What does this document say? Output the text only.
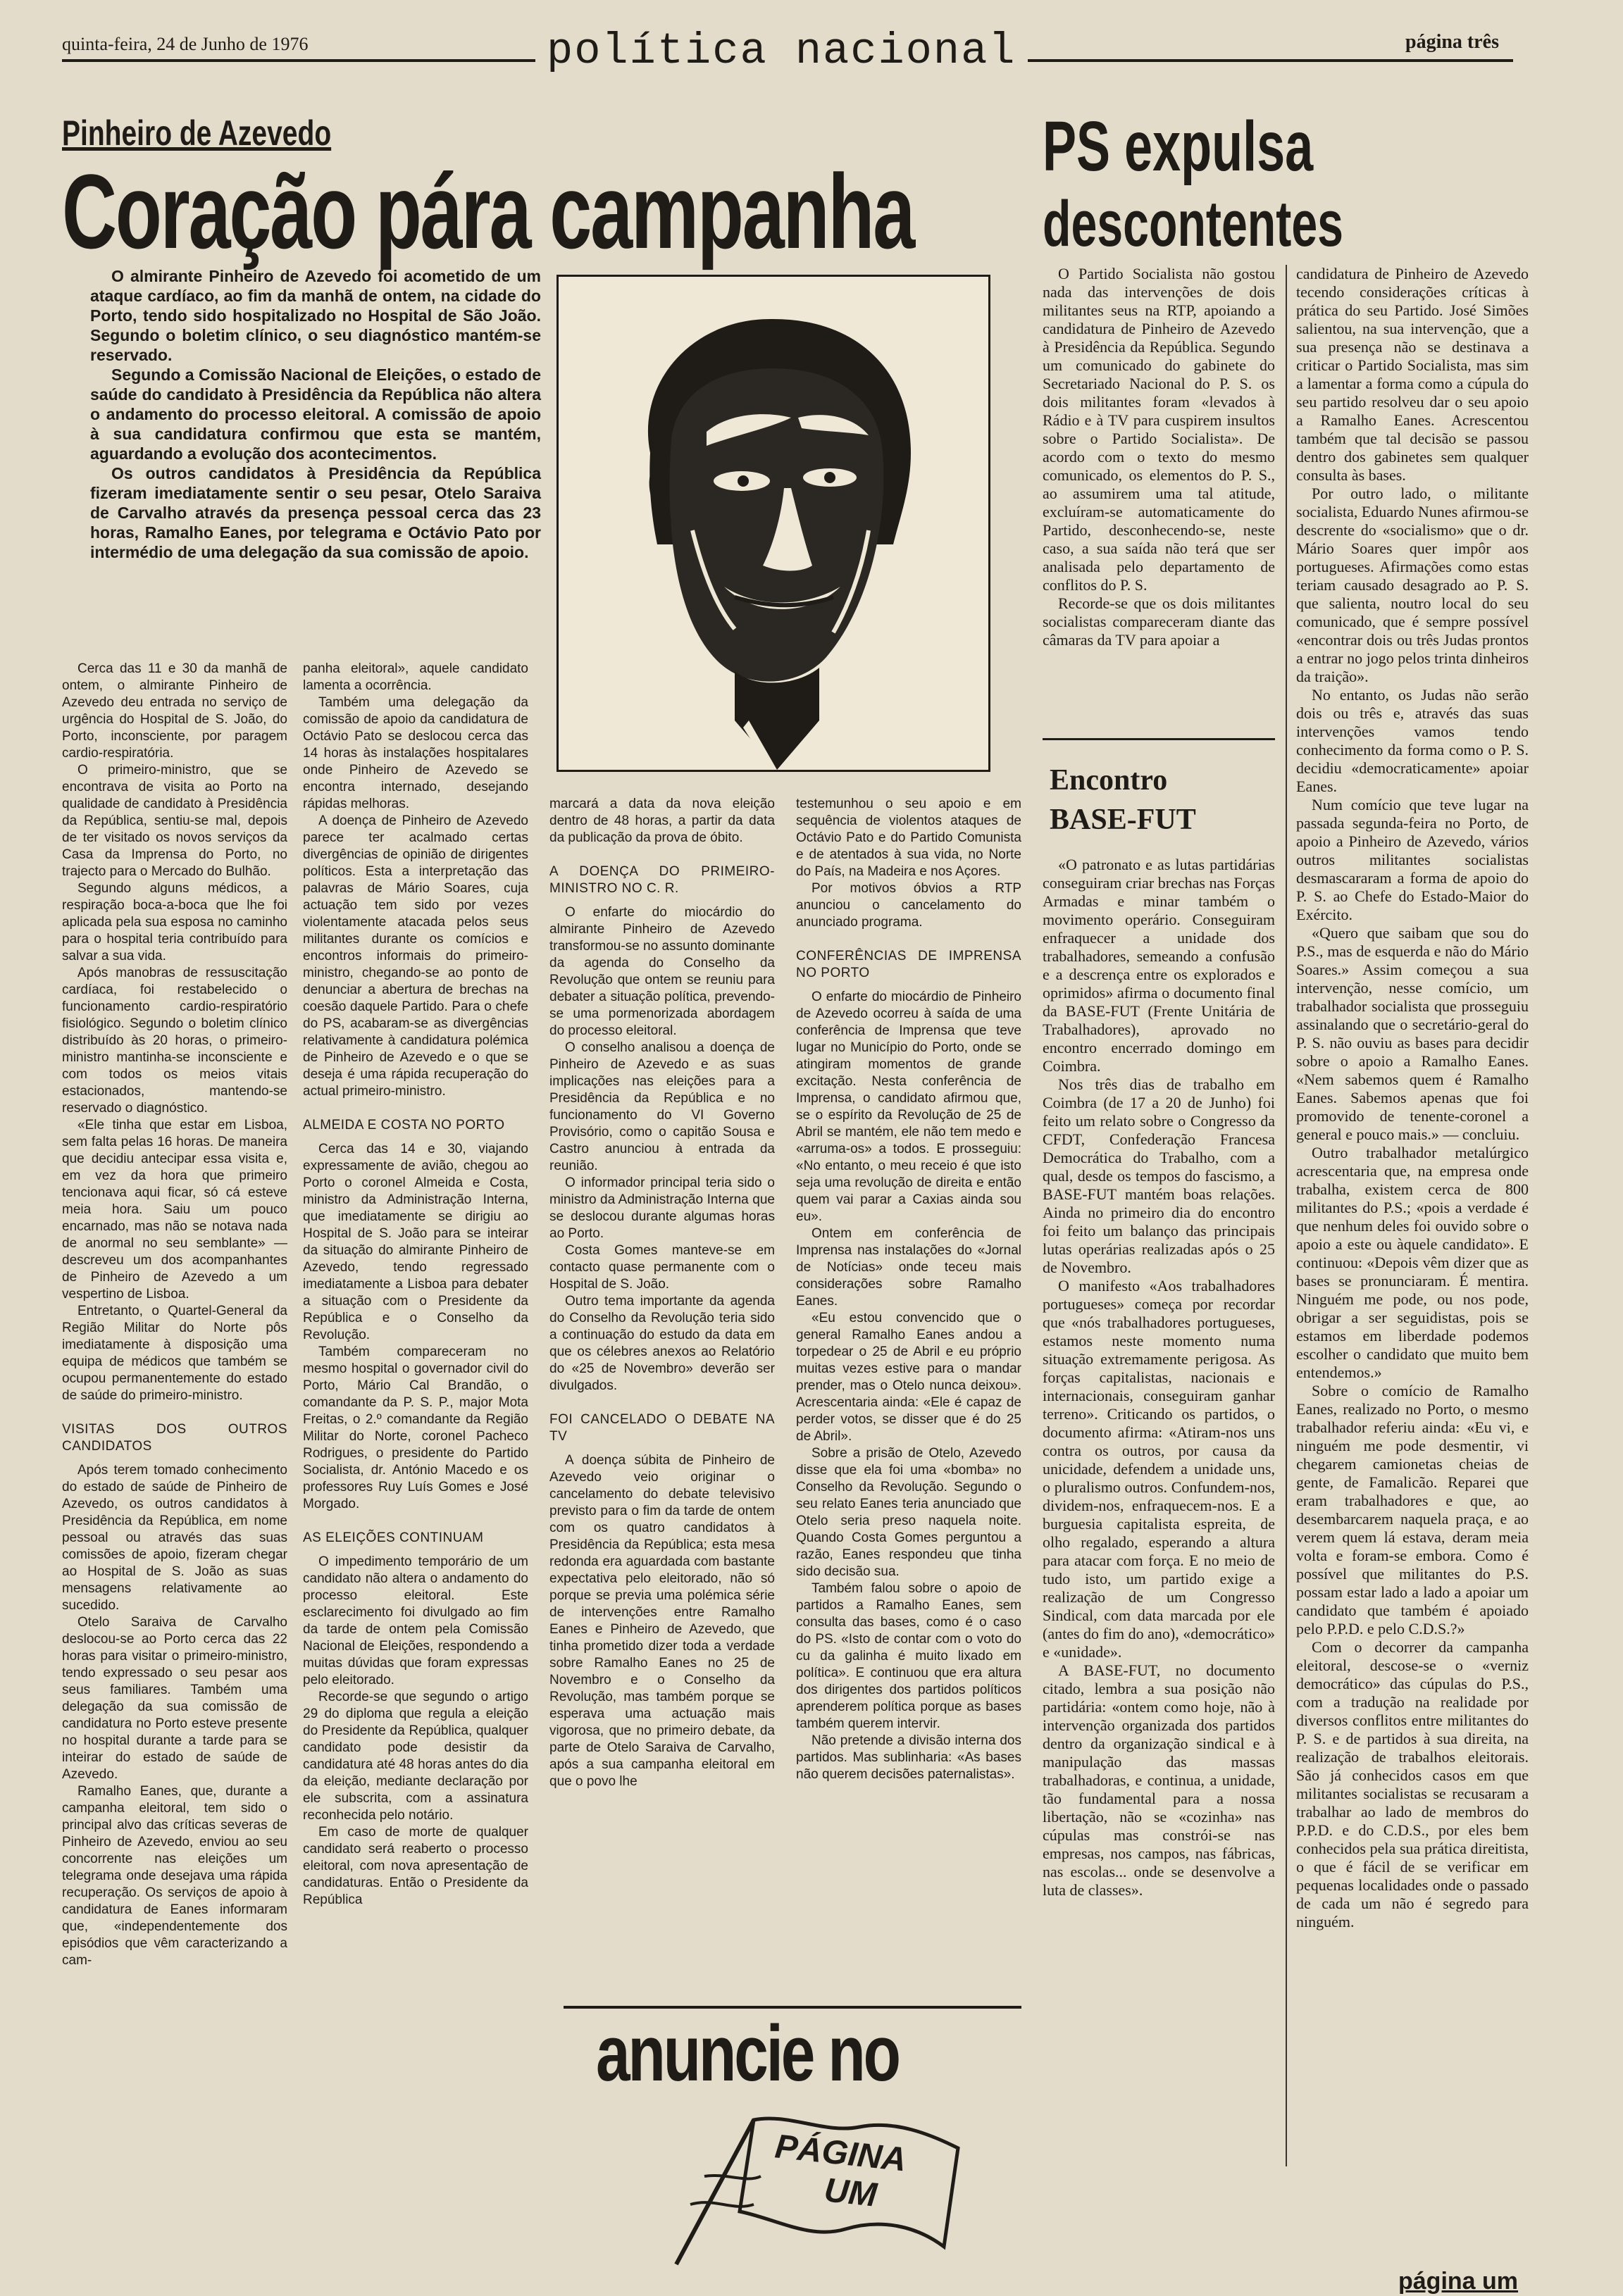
quinta-feira, 24 de Junho de 1976	política nacional	página três
Pinheiro de Azevedo
Coração pára campanha

O almirante Pinheiro de Azevedo foi acometido de um ataque cardíaco, ao fim da manhã de ontem, na cidade do Porto, tendo sido hospitalizado no Hospital de São João. Segundo o boletim clínico, o seu diagnóstico mantém-se reservado.

Segundo a Comissão Nacional de Eleições, o estado de saúde do candidato à Presidência da República não altera o andamento do processo eleitoral. A comissão de apoio à sua candidatura confirmou que esta se mantém, aguardando a evolução dos acontecimentos.

Os outros candidatos à Presidência da República fizeram imediatamente sentir o seu pesar, Otelo Saraiva de Carvalho através da presença pessoal cerca das 23 horas, Ramalho Eanes, por telegrama e Octávio Pato por intermédio de uma delegação da sua comissão de apoio.

Cerca das 11 e 30 da manhã de ontem, o almirante Pinheiro de Azevedo deu entrada no serviço de urgência do Hospital de S. João, do Porto, inconsciente, por paragem cardio-respiratória.

O primeiro-ministro, que se encontrava de visita ao Porto na qualidade de candidato à Presidência da República, sentiu-se mal, depois de ter visitado os novos serviços da Casa da Imprensa do Porto, no trajecto para o Mercado do Bulhão.

Segundo alguns médicos, a respiração boca-a-boca que lhe foi aplicada pela sua esposa no caminho para o hospital teria contribuído para salvar a sua vida.

Após manobras de ressuscitação cardíaca, foi restabelecido o funcionamento cardio-respiratório fisiológico. Segundo o boletim clínico distribuído às 20 horas, o primeiro-ministro mantinha-se inconsciente e com todos os meios vitais estacionados, mantendo-se reservado o diagnóstico.

«Ele tinha que estar em Lisboa, sem falta pelas 16 horas. De maneira que decidiu antecipar essa visita e, em vez da hora que primeiro tencionava aqui ficar, só cá esteve meia hora. Saiu um pouco encarnado, mas não se notava nada de anormal no seu semblante» — descreveu um dos acompanhantes de Pinheiro de Azevedo a um vespertino de Lisboa.

Entretanto, o Quartel-General da Região Militar do Norte pôs imediatamente à disposição uma equipa de médicos que também se ocupou permanentemente do estado de saúde do primeiro-ministro.

VISITAS DOS OUTROS CANDIDATOS

Após terem tomado conhecimento do estado de saúde de Pinheiro de Azevedo, os outros candidatos à Presidência da República, em nome pessoal ou através das suas comissões de apoio, fizeram chegar ao Hospital de S. João as suas mensagens relativamente ao sucedido.

Otelo Saraiva de Carvalho deslocou-se ao Porto cerca das 22 horas para visitar o primeiro-ministro, tendo expressado o seu pesar aos seus familiares. Também uma delegação da sua comissão de candidatura no Porto esteve presente no hospital durante a tarde para se inteirar do estado de saúde de Azevedo.

Ramalho Eanes, que, durante a campanha eleitoral, tem sido o principal alvo das críticas severas de Pinheiro de Azevedo, enviou ao seu concorrente nas eleições um telegrama onde desejava uma rápida recuperação. Os serviços de apoio à candidatura de Eanes informaram que, «independentemente dos episódios que vêm caracterizando a cam-

panha eleitoral», aquele candidato lamenta a ocorrência.

Também uma delegação da comissão de apoio da candidatura de Octávio Pato se deslocou cerca das 14 horas às instalações hospitalares onde Pinheiro de Azevedo se encontra internado, desejando rápidas melhoras.

A doença de Pinheiro de Azevedo parece ter acalmado certas divergências de opinião de dirigentes políticos. Esta a interpretação das palavras de Mário Soares, cuja actuação tem sido por vezes violentamente atacada pelos seus militantes durante os comícios e encontros informais do primeiro-ministro, chegando-se ao ponto de denunciar a abertura de brechas na coesão daquele Partido. Para o chefe do PS, acabaram-se as divergências relativamente à candidatura polémica de Pinheiro de Azevedo e o que se deseja é uma rápida recuperação do actual primeiro-ministro.

ALMEIDA E COSTA NO PORTO

Cerca das 14 e 30, viajando expressamente de avião, chegou ao Porto o coronel Almeida e Costa, ministro da Administração Interna, que imediatamente se dirigiu ao Hospital de S. João para se inteirar da situação do almirante Pinheiro de Azevedo, tendo regressado imediatamente a Lisboa para debater a situação com o Presidente da República e o Conselho da Revolução.

Também compareceram no mesmo hospital o governador civil do Porto, Mário Cal Brandão, o comandante da P. S. P., major Mota Freitas, o 2.º comandante da Região Militar do Norte, coronel Pacheco Rodrigues, o presidente do Partido Socialista, dr. António Macedo e os professores Ruy Luís Gomes e José Morgado.

AS ELEIÇÕES CONTINUAM

O impedimento temporário de um candidato não altera o andamento do processo eleitoral. Este esclarecimento foi divulgado ao fim da tarde de ontem pela Comissão Nacional de Eleições, respondendo a muitas dúvidas que foram expressas pelo eleitorado.

Recorde-se que segundo o artigo 29 do diploma que regula a eleição do Presidente da República, qualquer candidato pode desistir da candidatura até 48 horas antes do dia da eleição, mediante declaração por ele subscrita, com a assinatura reconhecida pelo notário.

Em caso de morte de qualquer candidato será reaberto o processo eleitoral, com nova apresentação de candidaturas. Então o Presidente da República

marcará a data da nova eleição dentro de 48 horas, a partir da data da publicação da prova de óbito.

A DOENÇA DO PRIMEIRO-MINISTRO NO C. R.

O enfarte do miocárdio do almirante Pinheiro de Azevedo transformou-se no assunto dominante da agenda do Conselho da Revolução que ontem se reuniu para debater a situação política, prevendo-se uma pormenorizada abordagem do processo eleitoral.

O conselho analisou a doença de Pinheiro de Azevedo e as suas implicações nas eleições para a Presidência da República e no funcionamento do VI Governo Provisório, como o capitão Sousa e Castro anunciou à entrada da reunião.

O informador principal teria sido o ministro da Administração Interna que se deslocou durante algumas horas ao Porto.

Costa Gomes manteve-se em contacto quase permanente com o Hospital de S. João.

Outro tema importante da agenda do Conselho da Revolução teria sido a continuação do estudo da data em que os célebres anexos ao Relatório do «25 de Novembro» deverão ser divulgados.

FOI CANCELADO O DEBATE NA TV

A doença súbita de Pinheiro de Azevedo veio originar o cancelamento do debate televisivo previsto para o fim da tarde de ontem com os quatro candidatos à Presidência da República; esta mesa redonda era aguardada com bastante expectativa pelo eleitorado, não só porque se previa uma polémica série de intervenções entre Ramalho Eanes e Pinheiro de Azevedo, que tinha prometido dizer toda a verdade sobre Ramalho Eanes no 25 de Novembro e o Conselho da Revolução, mas também porque se esperava uma actuação mais vigorosa, que no primeiro debate, da parte de Otelo Saraiva de Carvalho, após a sua campanha eleitoral em que o povo lhe

testemunhou o seu apoio e em sequência de violentos ataques de Octávio Pato e do Partido Comunista e de atentados à sua vida, no Norte do País, na Madeira e nos Açores.

Por motivos óbvios a RTP anunciou o cancelamento do anunciado programa.

CONFERÊNCIAS DE IMPRENSA NO PORTO

O enfarte do miocárdio de Pinheiro de Azevedo ocorreu à saída de uma conferência de Imprensa que teve lugar no Município do Porto, onde se atingiram momentos de grande excitação. Nesta conferência de Imprensa, o candidato afirmou que, se o espírito da Revolução de 25 de Abril se mantém, ele não tem medo e «arruma-os» a todos. E prosseguiu: «No entanto, o meu receio é que isto seja uma revolução de direita e então quem vai parar a Caxias ainda sou eu».

Ontem em conferência de Imprensa nas instalações do «Jornal de Notícias» onde teceu mais considerações sobre Ramalho Eanes.

«Eu estou convencido que o general Ramalho Eanes andou a torpedear o 25 de Abril e eu próprio muitas vezes estive para o mandar prender, mas o Otelo nunca deixou». Acrescentaria ainda: «Ele é capaz de perder votos, se disser que é do 25 de Abril».

Sobre a prisão de Otelo, Azevedo disse que ela foi uma «bomba» no Conselho da Revolução. Segundo o seu relato Eanes teria anunciado que Otelo seria preso naquela noite. Quando Costa Gomes perguntou a razão, Eanes respondeu que tinha sido decisão sua.

Também falou sobre o apoio de partidos a Ramalho Eanes, sem consulta das bases, como é o caso do PS. «Isto de contar com o voto do cu da galinha é muito lixado em política». E continuou que era altura dos dirigentes dos partidos políticos aprenderem política porque as bases também querem intervir.

Não pretende a divisão interna dos partidos. Mas sublinharia: «As bases não querem decisões paternalistas».

PS expulsa
descontentes

O Partido Socialista não gostou nada das intervenções de dois militantes seus na RTP, apoiando a candidatura de Pinheiro de Azevedo à Presidência da República. Segundo um comunicado do gabinete do Secretariado Nacional do P. S. os dois militantes foram «levados à Rádio e à TV para cuspirem insultos sobre o Partido Socialista». De acordo com o texto do mesmo comunicado, os elementos do P. S., ao assumirem uma tal atitude, excluíram-se automaticamente do Partido, desconhecendo-se, neste caso, a sua saída não terá que ser analisada pelo departamento de conflitos do P. S.

Recorde-se que os dois militantes socialistas compareceram diante das câmaras da TV para apoiar a

candidatura de Pinheiro de Azevedo tecendo considerações críticas à prática do seu Partido. José Simões salientou, na sua intervenção, que a sua presença não se destinava a criticar o Partido Socialista, mas sim a lamentar a forma como a cúpula do seu partido resolveu dar o seu apoio a Ramalho Eanes. Acrescentou também que tal decisão se passou dentro dos gabinetes sem qualquer consulta às bases.

Por outro lado, o militante socialista, Eduardo Nunes afirmou-se descrente do «socialismo» que o dr. Mário Soares quer impôr aos portugueses. Afirmações como estas teriam causado desagrado ao P. S. que salienta, noutro local do seu comunicado, que é sempre possível «encontrar dois ou três Judas prontos a entrar no jogo pelos trinta dinheiros da traição».

No entanto, os Judas não serão dois ou três e, através das suas intervenções vamos tendo conhecimento da forma como o P. S. decidiu «democraticamente» apoiar Eanes.

Num comício que teve lugar na passada segunda-feira no Porto, de apoio a Pinheiro de Azevedo, vários outros militantes socialistas desmascararam a forma de apoio do P. S. ao Chefe do Estado-Maior do Exército.

«Quero que saibam que sou do P.S., mas de esquerda e não do Mário Soares.» Assim começou a sua intervenção, nesse comício, um trabalhador socialista que prosseguiu assinalando que o secretário-geral do P. S. não ouviu as bases para decidir sobre o apoio a Ramalho Eanes. «Nem sabemos quem é Ramalho Eanes. Sabemos apenas que foi promovido de tenente-coronel a general e pouco mais.» — concluiu.

Outro trabalhador metalúrgico acrescentaria que, na empresa onde trabalha, existem cerca de 800 militantes do P.S.; «pois a verdade é que nenhum deles foi ouvido sobre o apoio a este ou àquele candidato». E continuou: «Depois vêm dizer que as bases se pronunciaram. É mentira. Ninguém me pode, ou nos pode, obrigar a ser seguidistas, pois se estamos em liberdade podemos escolher o candidato que muito bem entendemos.»

Sobre o comício de Ramalho Eanes, realizado no Porto, o mesmo trabalhador referiu ainda: «Eu vi, e ninguém me pode desmentir, vi chegarem camionetas cheias de gente, de Famalicão. Reparei que eram trabalhadores e que, ao desembarcarem naquela praça, e ao verem quem lá estava, deram meia volta e foram-se embora. Como é possível que militantes do P.S. possam estar lado a lado a apoiar um candidato que também é apoiado pelo P.P.D. e pelo C.D.S.?»

Com o decorrer da campanha eleitoral, descose-se o «verniz democrático» das cúpulas do P.S., com a tradução na realidade por diversos conflitos entre militantes do P. S. e de partidos à sua direita, na realização de trabalhos eleitorais. São já conhecidos casos em que militantes socialistas se recusaram a trabalhar ao lado de membros do P.P.D. e do C.D.S., por eles bem conhecidos pela sua prática direitista, o que é fácil de se verificar em pequenas localidades onde o passado de cada um não é segredo para ninguém.

Encontro
BASE-FUT

«O patronato e as lutas partidárias conseguiram criar brechas nas Forças Armadas e minar também o movimento operário. Conseguiram enfraquecer a unidade dos trabalhadores, semeando a confusão e a descrença entre os explorados e oprimidos» afirma o documento final da BASE-FUT (Frente Unitária de Trabalhadores), aprovado no encontro encerrado domingo em Coimbra.

Nos três dias de trabalho em Coimbra (de 17 a 20 de Junho) foi feito um relato sobre o Congresso da CFDT, Confederação Francesa Democrática do Trabalho, com a qual, desde os tempos do fascismo, a BASE-FUT mantém boas relações. Ainda no primeiro dia do encontro foi feito um balanço das principais lutas operárias realizadas após o 25 de Novembro.

O manifesto «Aos trabalhadores portugueses» começa por recordar que «nós trabalhadores portugueses, estamos neste momento numa situação extremamente perigosa. As forças capitalistas, nacionais e internacionais, conseguiram ganhar terreno». Criticando os partidos, o documento afirma: «Atiram-nos uns contra os outros, por causa da unicidade, defendem a unidade uns, o pluralismo outros. Confundem-nos, dividem-nos, enfraquecem-nos. E a burguesia capitalista espreita, de olho regalado, esperando a altura para atacar com força. E no meio de tudo isto, um partido exige a realização de um Congresso Sindical, com data marcada por ele (antes do fim do ano), «democrático» e «unidade».

A BASE-FUT, no documento citado, lembra a sua posição não partidária: «ontem como hoje, não à intervenção organizada dos partidos dentro da organização sindical e à manipulação das massas trabalhadoras, e continua, a unidade, tão fundamental para a nossa libertação, não se «cozinha» nas cúpulas mas constrói-se nas empresas, nos campos, nas fábricas, nas escolas... onde se desenvolve a luta de classes».

anuncie no
PÁGINA
UM
página um
